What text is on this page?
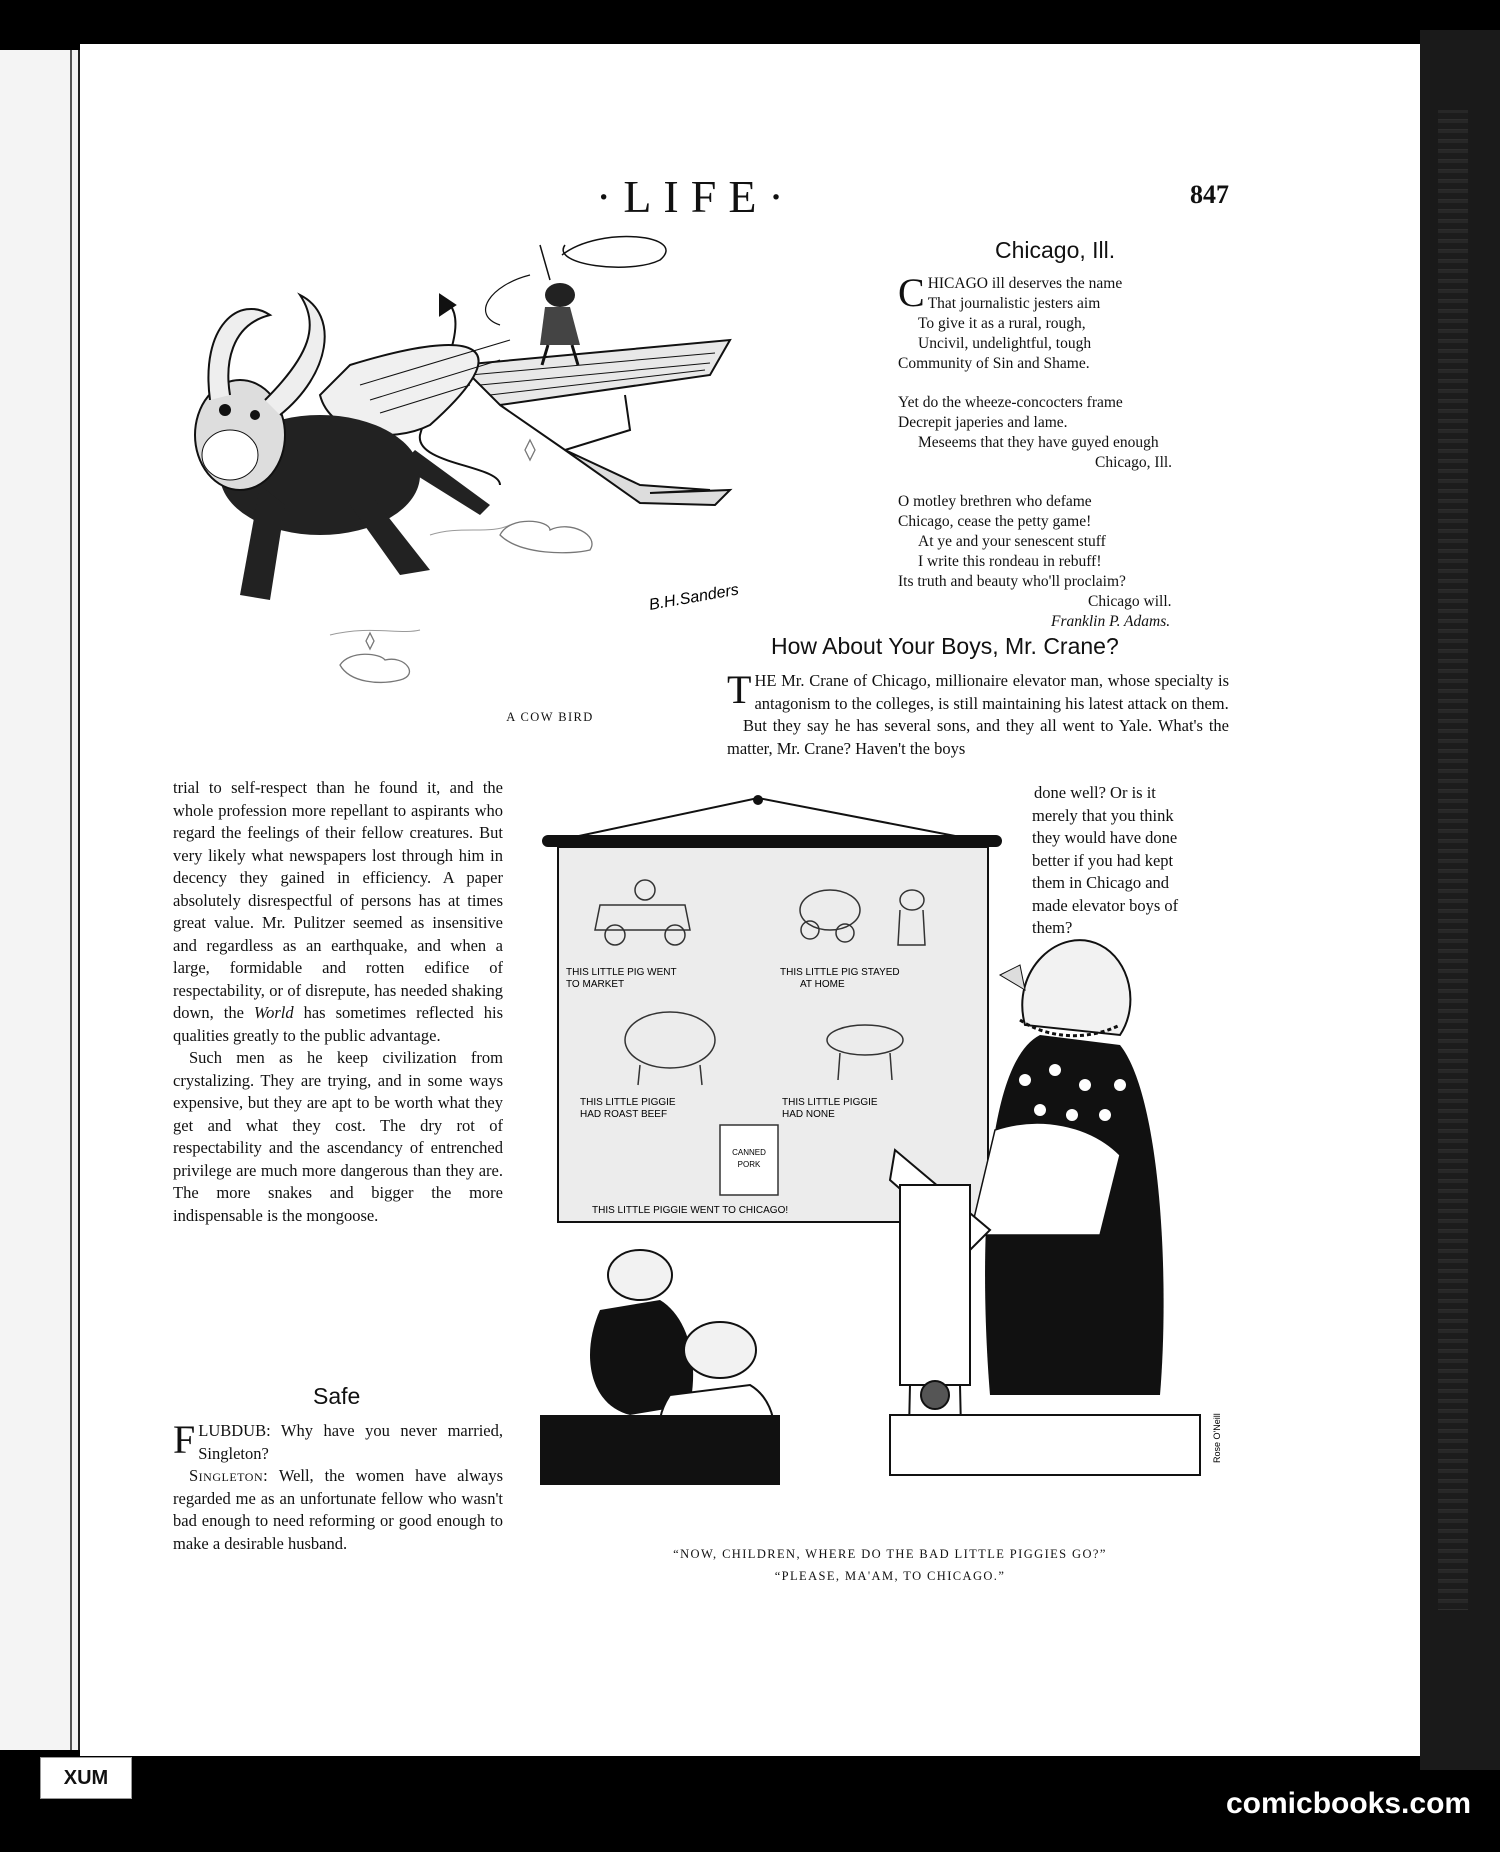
·LIFE·	847
B.H.Sanders
A COW BIRD
Chicago, Ill.
C HICAGO ill deserves the name
That journalistic jesters aim
To give it as a rural, rough,
Uncivil, undelightful, tough
Community of Sin and Shame.
Yet do the wheeze-concocters frame
Decrepit japeries and lame.
Meseems that they have guyed enough
Chicago, Ill.
O motley brethren who defame
Chicago, cease the petty game!
At ye and your senescent stuff
I write this rondeau in rebuff!
Its truth and beauty who'll proclaim?
Chicago will.
Franklin P. Adams.
How About Your Boys, Mr. Crane?

THE Mr. Crane of Chicago, millionaire elevator man, whose specialty is antagonism to the colleges, is still maintaining his latest attack on them.

But they say he has several sons, and they all went to Yale. What's the matter, Mr. Crane? Haven't the boys

done well? Or is it
merely that you think
they would have done
better if you had kept
them in Chicago and
made elevator boys of
them?

trial to self-respect than he found it, and the whole profession more repellant to aspirants who regard the feelings of their fellow creatures. But very likely what newspapers lost through him in decency they gained in efficiency. A paper absolutely disrespectful of persons has at times great value. Mr. Pulitzer seemed as insensitive and regardless as an earthquake, and when a large, formidable and rotten edifice of respectability, or of disrepute, has needed shaking down, the World has sometimes reflected his qualities greatly to the public advantage.

Such men as he keep civilization from crystalizing. They are trying, and in some ways expensive, but they are apt to be worth what they get and what they cost. The dry rot of respectability and the ascendancy of entrenched privilege are much more dangerous than they are. The more snakes and bigger the more indispensable is the mongoose.

Safe

FLUBDUB: Why have you never married, Singleton?

Singleton: Well, the women have always regarded me as an unfortunate fellow who wasn't bad enough to need reforming or good enough to make a desirable husband.

THIS LITTLE PIG WENT
TO MARKET
THIS LITTLE PIG STAYED
AT HOME
THIS LITTLE PIGGIE
HAD ROAST BEEF
THIS LITTLE PIGGIE
HAD NONE
CANNED
PORK
THIS LITTLE PIGGIE WENT TO CHICAGO!
Rose O'Neill
“NOW, CHILDREN, WHERE DO THE BAD LITTLE PIGGIES GO?”
“PLEASE, MA'AM, TO CHICAGO.”
XUM
comicbooks.com
